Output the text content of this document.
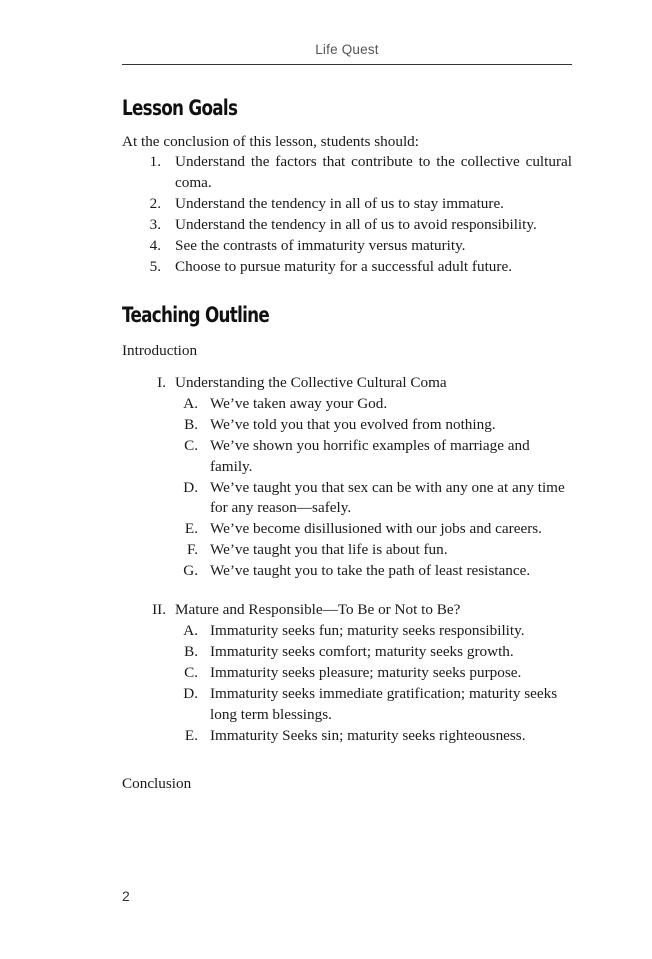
Life Quest
Lesson Goals

At the conclusion of this lesson, students should:

1. Understand the factors that contribute to the collective cultural coma.
2. Understand the tendency in all of us to stay immature.
3. Understand the tendency in all of us to avoid responsibility.
4. See the contrasts of immaturity versus maturity.
5. Choose to pursue maturity for a successful adult future.
Teaching Outline

Introduction

I. Understanding the Collective Cultural Coma
A. We’ve taken away your God.
B. We’ve told you that you evolved from nothing.
C. We’ve shown you horrific examples of marriage and family.
D. We’ve taught you that sex can be with any one at any time for any reason—safely.
E. We’ve become disillusioned with our jobs and careers.
F. We’ve taught you that life is about fun.
G. We’ve taught you to take the path of least resistance.
II. Mature and Responsible—To Be or Not to Be?
A. Immaturity seeks fun; maturity seeks responsibility.
B. Immaturity seeks comfort; maturity seeks growth.
C. Immaturity seeks pleasure; maturity seeks purpose.
D. Immaturity seeks immediate gratification; maturity seeks long term blessings.
E. Immaturity Seeks sin; maturity seeks righteousness.

Conclusion

2
